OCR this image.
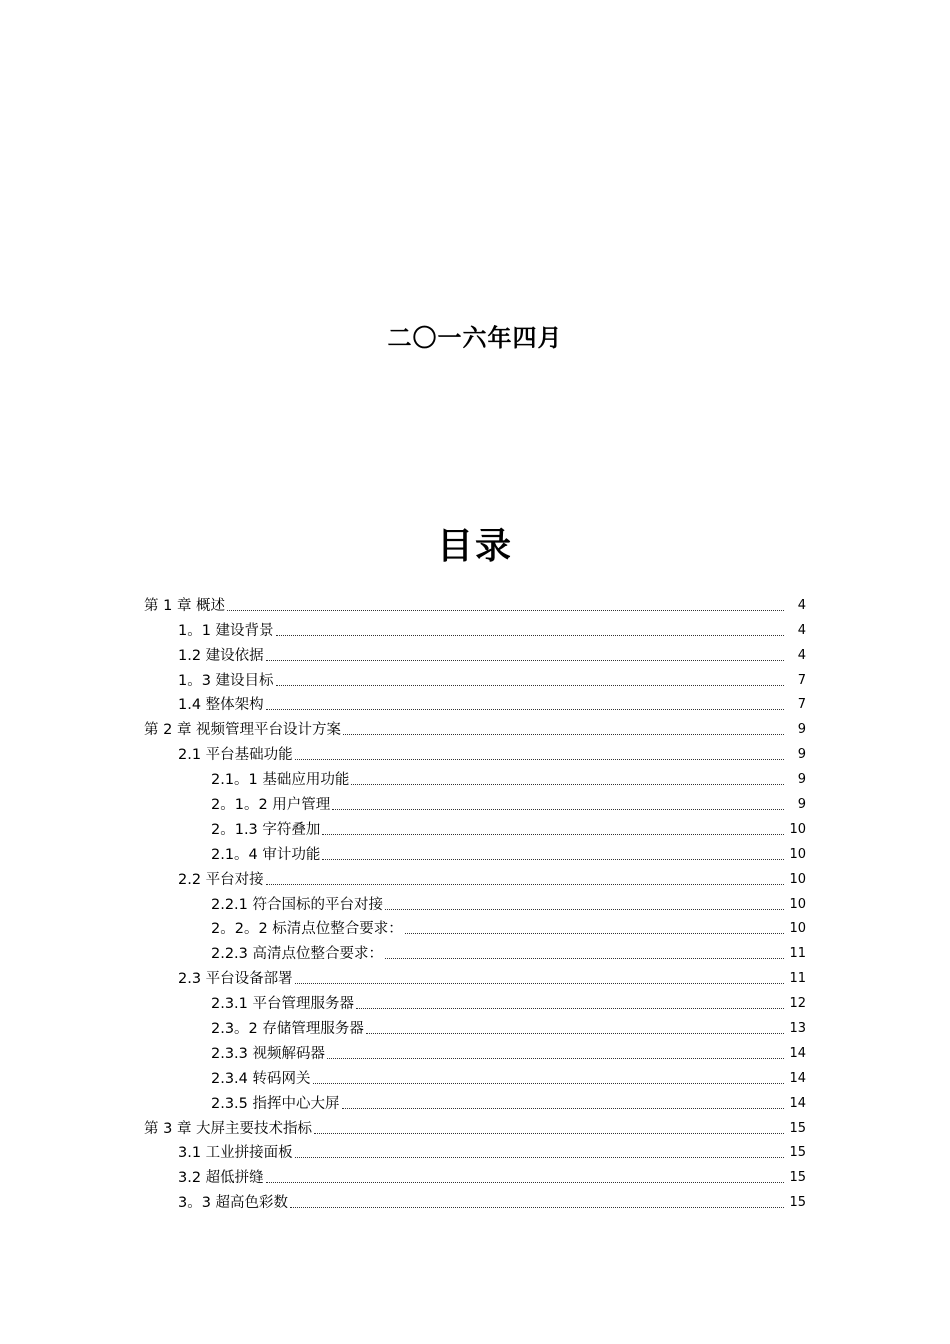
二〇一六年四月
目录
第 1 章 概述	4
1。1 建设背景	4
1.2 建设依据	4
1。3 建设目标	7
1.4 整体架构	7
第 2 章 视频管理平台设计方案	9
2.1 平台基础功能	9
2.1。1 基础应用功能	9
2。1。2 用户管理	9
2。1.3 字符叠加	10
2.1。4 审计功能	10
2.2 平台对接	10
2.2.1 符合国标的平台对接	10
2。2。2 标清点位整合要求：	10
2.2.3 高清点位整合要求：	11
2.3 平台设备部署	11
2.3.1 平台管理服务器	12
2.3。2 存储管理服务器	13
2.3.3 视频解码器	14
2.3.4 转码网关	14
2.3.5 指挥中心大屏	14
第 3 章 大屏主要技术指标	15
3.1 工业拼接面板	15
3.2 超低拼缝	15
3。3 超高色彩数	15
